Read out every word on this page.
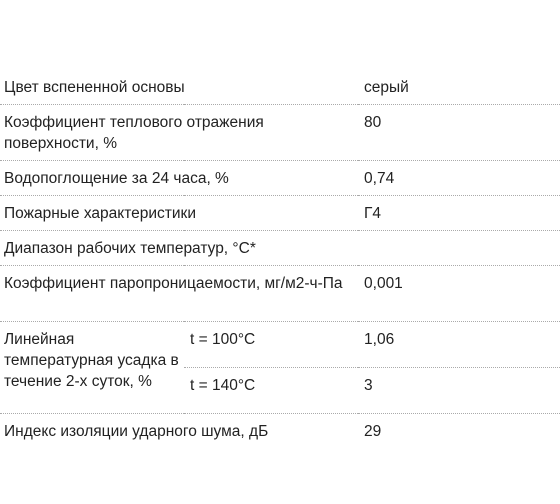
Цвет вспененной основы		серый
Коэффициент теплового отражения поверхности, %		80
Водопоглощение за 24 часа, %		0,74
Пожарные характеристики		Г4
Диапазон рабочих температур, °С*		
Коэффициент паропроницаемости, мг/м2-ч-Па		0,001
Линейная температурная усадка в течение 2-х суток, %	t = 100°C	1,06
	t = 140°C	3
Индекс изоляции ударного шума, дБ		29
